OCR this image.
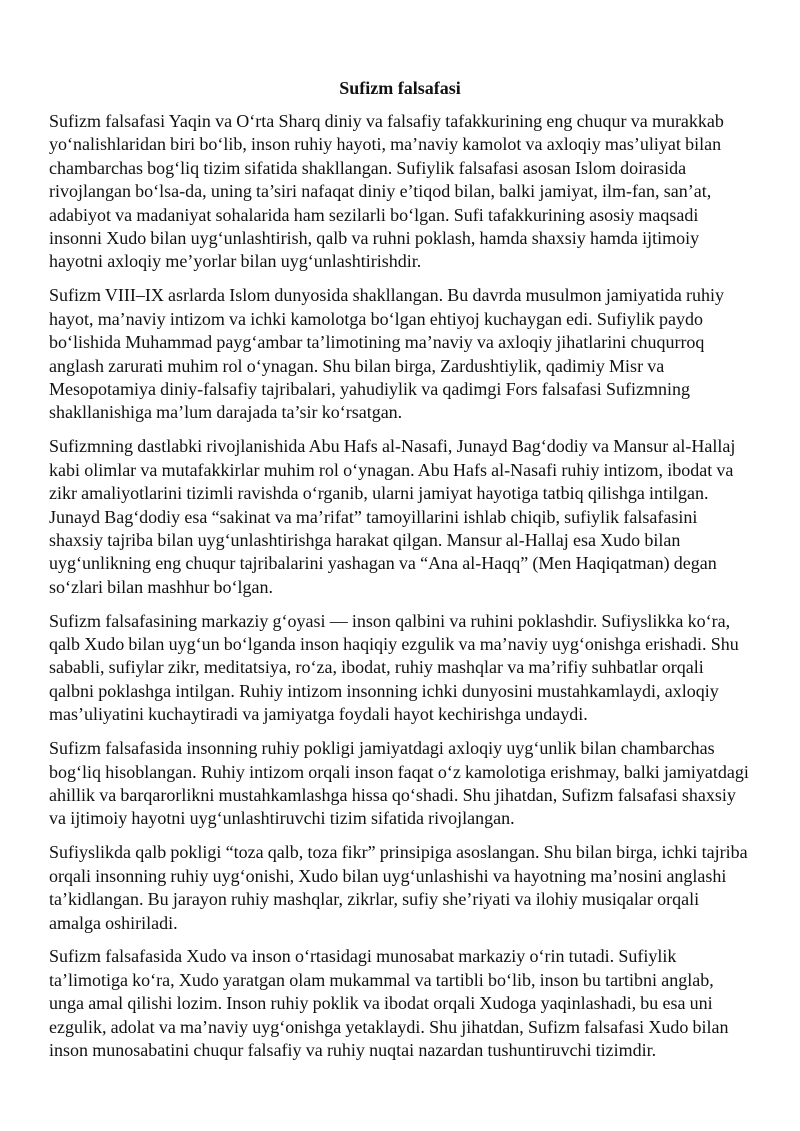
Sufizm falsafasi

Sufizm falsafasi Yaqin va O‘rta Sharq diniy va falsafiy tafakkurining eng chuqur va murakkab yo‘nalishlaridan biri bo‘lib, inson ruhiy hayoti, ma’naviy kamolot va axloqiy mas’uliyat bilan chambarchas bog‘liq tizim sifatida shakllangan. Sufiylik falsafasi asosan Islom doirasida rivojlangan bo‘lsa-da, uning ta’siri nafaqat diniy e’tiqod bilan, balki jamiyat, ilm-fan, san’at, adabiyot va madaniyat sohalarida ham sezilarli bo‘lgan. Sufi tafakkurining asosiy maqsadi insonni Xudo bilan uyg‘unlashtirish, qalb va ruhni poklash, hamda shaxsiy hamda ijtimoiy hayotni axloqiy me’yorlar bilan uyg‘unlashtirishdir.

Sufizm VIII–IX asrlarda Islom dunyosida shakllangan. Bu davrda musulmon jamiyatida ruhiy hayot, ma’naviy intizom va ichki kamolotga bo‘lgan ehtiyoj kuchaygan edi. Sufiylik paydo bo‘lishida Muhammad payg‘ambar ta’limotining ma’naviy va axloqiy jihatlarini chuqurroq anglash zarurati muhim rol o‘ynagan. Shu bilan birga, Zardushtiylik, qadimiy Misr va Mesopotamiya diniy-falsafiy tajribalari, yahudiylik va qadimgi Fors falsafasi Sufizmning shakllanishiga ma’lum darajada ta’sir ko‘rsatgan.

Sufizmning dastlabki rivojlanishida Abu Hafs al-Nasafi, Junayd Bag‘dodiy va Mansur al-Hallaj kabi olimlar va mutafakkirlar muhim rol o‘ynagan. Abu Hafs al-Nasafi ruhiy intizom, ibodat va zikr amaliyotlarini tizimli ravishda o‘rganib, ularni jamiyat hayotiga tatbiq qilishga intilgan. Junayd Bag‘dodiy esa “sakinat va ma’rifat” tamoyillarini ishlab chiqib, sufiylik falsafasini shaxsiy tajriba bilan uyg‘unlashtirishga harakat qilgan. Mansur al-Hallaj esa Xudo bilan uyg‘unlikning eng chuqur tajribalarini yashagan va “Ana al-Haqq” (Men Haqiqatman) degan so‘zlari bilan mashhur bo‘lgan.

Sufizm falsafasining markaziy g‘oyasi — inson qalbini va ruhini poklashdir. Sufiyslikka ko‘ra, qalb Xudo bilan uyg‘un bo‘lganda inson haqiqiy ezgulik va ma’naviy uyg‘onishga erishadi. Shu sababli, sufiylar zikr, meditatsiya, ro‘za, ibodat, ruhiy mashqlar va ma’rifiy suhbatlar orqali qalbni poklashga intilgan. Ruhiy intizom insonning ichki dunyosini mustahkamlaydi, axloqiy mas’uliyatini kuchaytiradi va jamiyatga foydali hayot kechirishga undaydi.

Sufizm falsafasida insonning ruhiy pokligi jamiyatdagi axloqiy uyg‘unlik bilan chambarchas bog‘liq hisoblangan. Ruhiy intizom orqali inson faqat o‘z kamolotiga erishmay, balki jamiyatdagi ahillik va barqarorlikni mustahkamlashga hissa qo‘shadi. Shu jihatdan, Sufizm falsafasi shaxsiy va ijtimoiy hayotni uyg‘unlashtiruvchi tizim sifatida rivojlangan.

Sufiyslikda qalb pokligi “toza qalb, toza fikr” prinsipiga asoslangan. Shu bilan birga, ichki tajriba orqali insonning ruhiy uyg‘onishi, Xudo bilan uyg‘unlashishi va hayotning ma’nosini anglashi ta’kidlangan. Bu jarayon ruhiy mashqlar, zikrlar, sufiy she’riyati va ilohiy musiqalar orqali amalga oshiriladi.

Sufizm falsafasida Xudo va inson o‘rtasidagi munosabat markaziy o‘rin tutadi. Sufiylik ta’limotiga ko‘ra, Xudo yaratgan olam mukammal va tartibli bo‘lib, inson bu tartibni anglab, unga amal qilishi lozim. Inson ruhiy poklik va ibodat orqali Xudoga yaqinlashadi, bu esa uni ezgulik, adolat va ma’naviy uyg‘onishga yetaklaydi. Shu jihatdan, Sufizm falsafasi Xudo bilan inson munosabatini chuqur falsafiy va ruhiy nuqtai nazardan tushuntiruvchi tizimdir.
